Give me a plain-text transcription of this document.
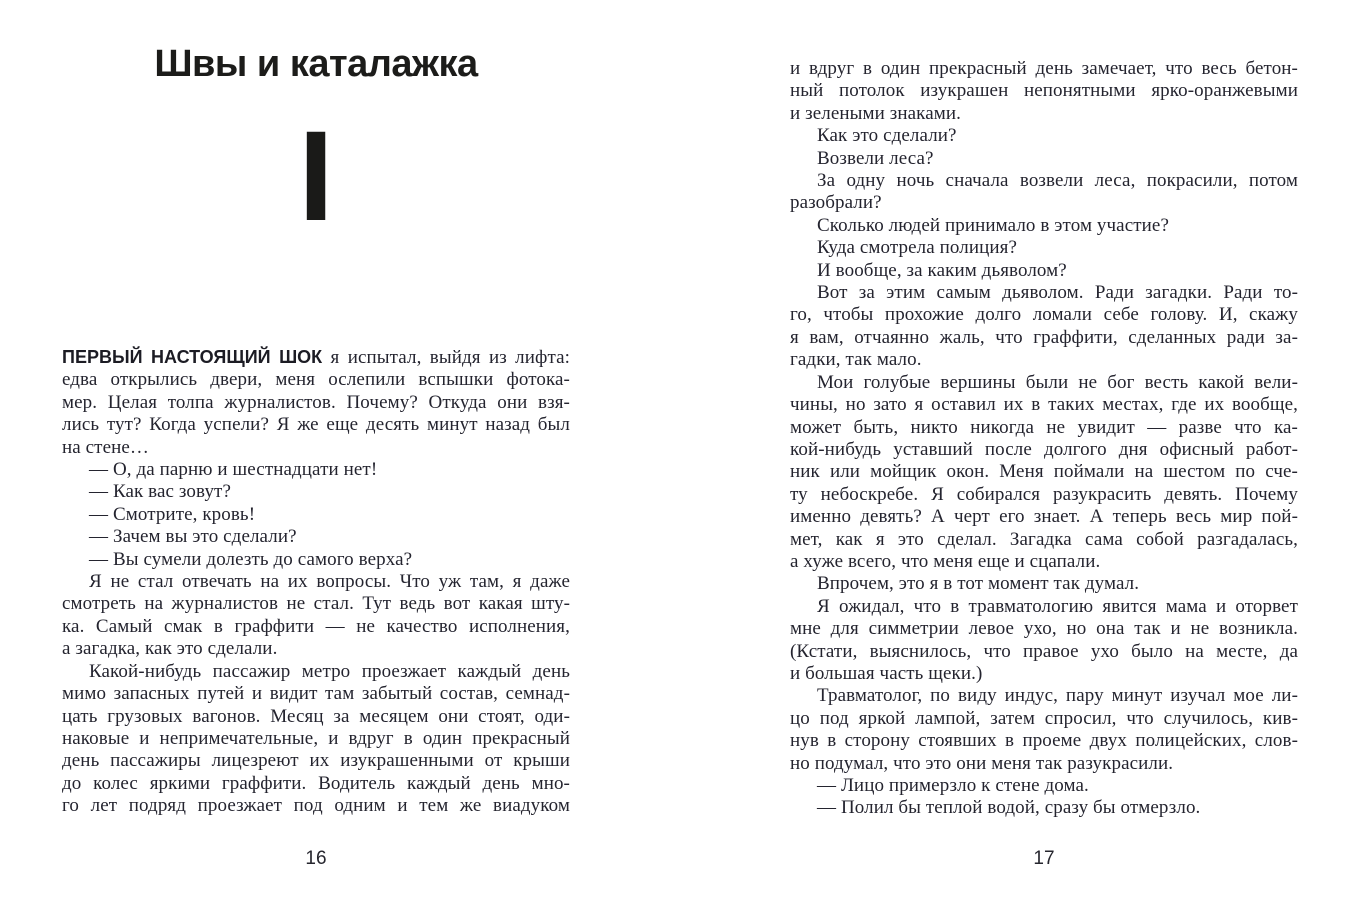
Швы и каталажка
I
ПЕРВЫЙ НАСТОЯЩИЙ ШОК я испытал, выйдя из лифта:
едва открылись двери, меня ослепили вспышки фотока-
мер. Целая толпа журналистов. Почему? Откуда они взя-
лись тут? Когда успели? Я же еще десять минут назад был
на стене…
— О, да парню и шестнадцати нет!
— Как вас зовут?
— Смотрите, кровь!
— Зачем вы это сделали?
— Вы сумели долезть до самого верха?
Я не стал отвечать на их вопросы. Что уж там, я даже
смотреть на журналистов не стал. Тут ведь вот какая шту-
ка. Самый смак в граффити — не качество исполнения,
а загадка, как это сделали.
Какой-нибудь пассажир метро проезжает каждый день
мимо запасных путей и видит там забытый состав, семнад-
цать грузовых вагонов. Месяц за месяцем они стоят, оди-
наковые и непримечательные, и вдруг в один прекрасный
день пассажиры лицезреют их изукрашенными от крыши
до колес яркими граффити. Водитель каждый день мно-
го лет подряд проезжает под одним и тем же виадуком
16
и вдруг в один прекрасный день замечает, что весь бетон-
ный потолок изукрашен непонятными ярко-оранжевыми
и зелеными знаками.
Как это сделали?
Возвели леса?
За одну ночь сначала возвели леса, покрасили, потом
разобрали?
Сколько людей принимало в этом участие?
Куда смотрела полиция?
И вообще, за каким дьяволом?
Вот за этим самым дьяволом. Ради загадки. Ради то-
го, чтобы прохожие долго ломали себе голову. И, скажу
я вам, отчаянно жаль, что граффити, сделанных ради за-
гадки, так мало.
Мои голубые вершины были не бог весть какой вели-
чины, но зато я оставил их в таких местах, где их вообще,
может быть, никто никогда не увидит — разве что ка-
кой-нибудь уставший после долгого дня офисный работ-
ник или мойщик окон. Меня поймали на шестом по сче-
ту небоскребе. Я собирался разукрасить девять. Почему
именно девять? А черт его знает. А теперь весь мир пой-
мет, как я это сделал. Загадка сама собой разгадалась,
а хуже всего, что меня еще и сцапали.
Впрочем, это я в тот момент так думал.
Я ожидал, что в травматологию явится мама и оторвет
мне для симметрии левое ухо, но она так и не возникла.
(Кстати, выяснилось, что правое ухо было на месте, да
и большая часть щеки.)
Травматолог, по виду индус, пару минут изучал мое ли-
цо под яркой лампой, затем спросил, что случилось, кив-
нув в сторону стоявших в проеме двух полицейских, слов-
но подумал, что это они меня так разукрасили.
— Лицо примерзло к стене дома.
— Полил бы теплой водой, сразу бы отмерзло.
17
